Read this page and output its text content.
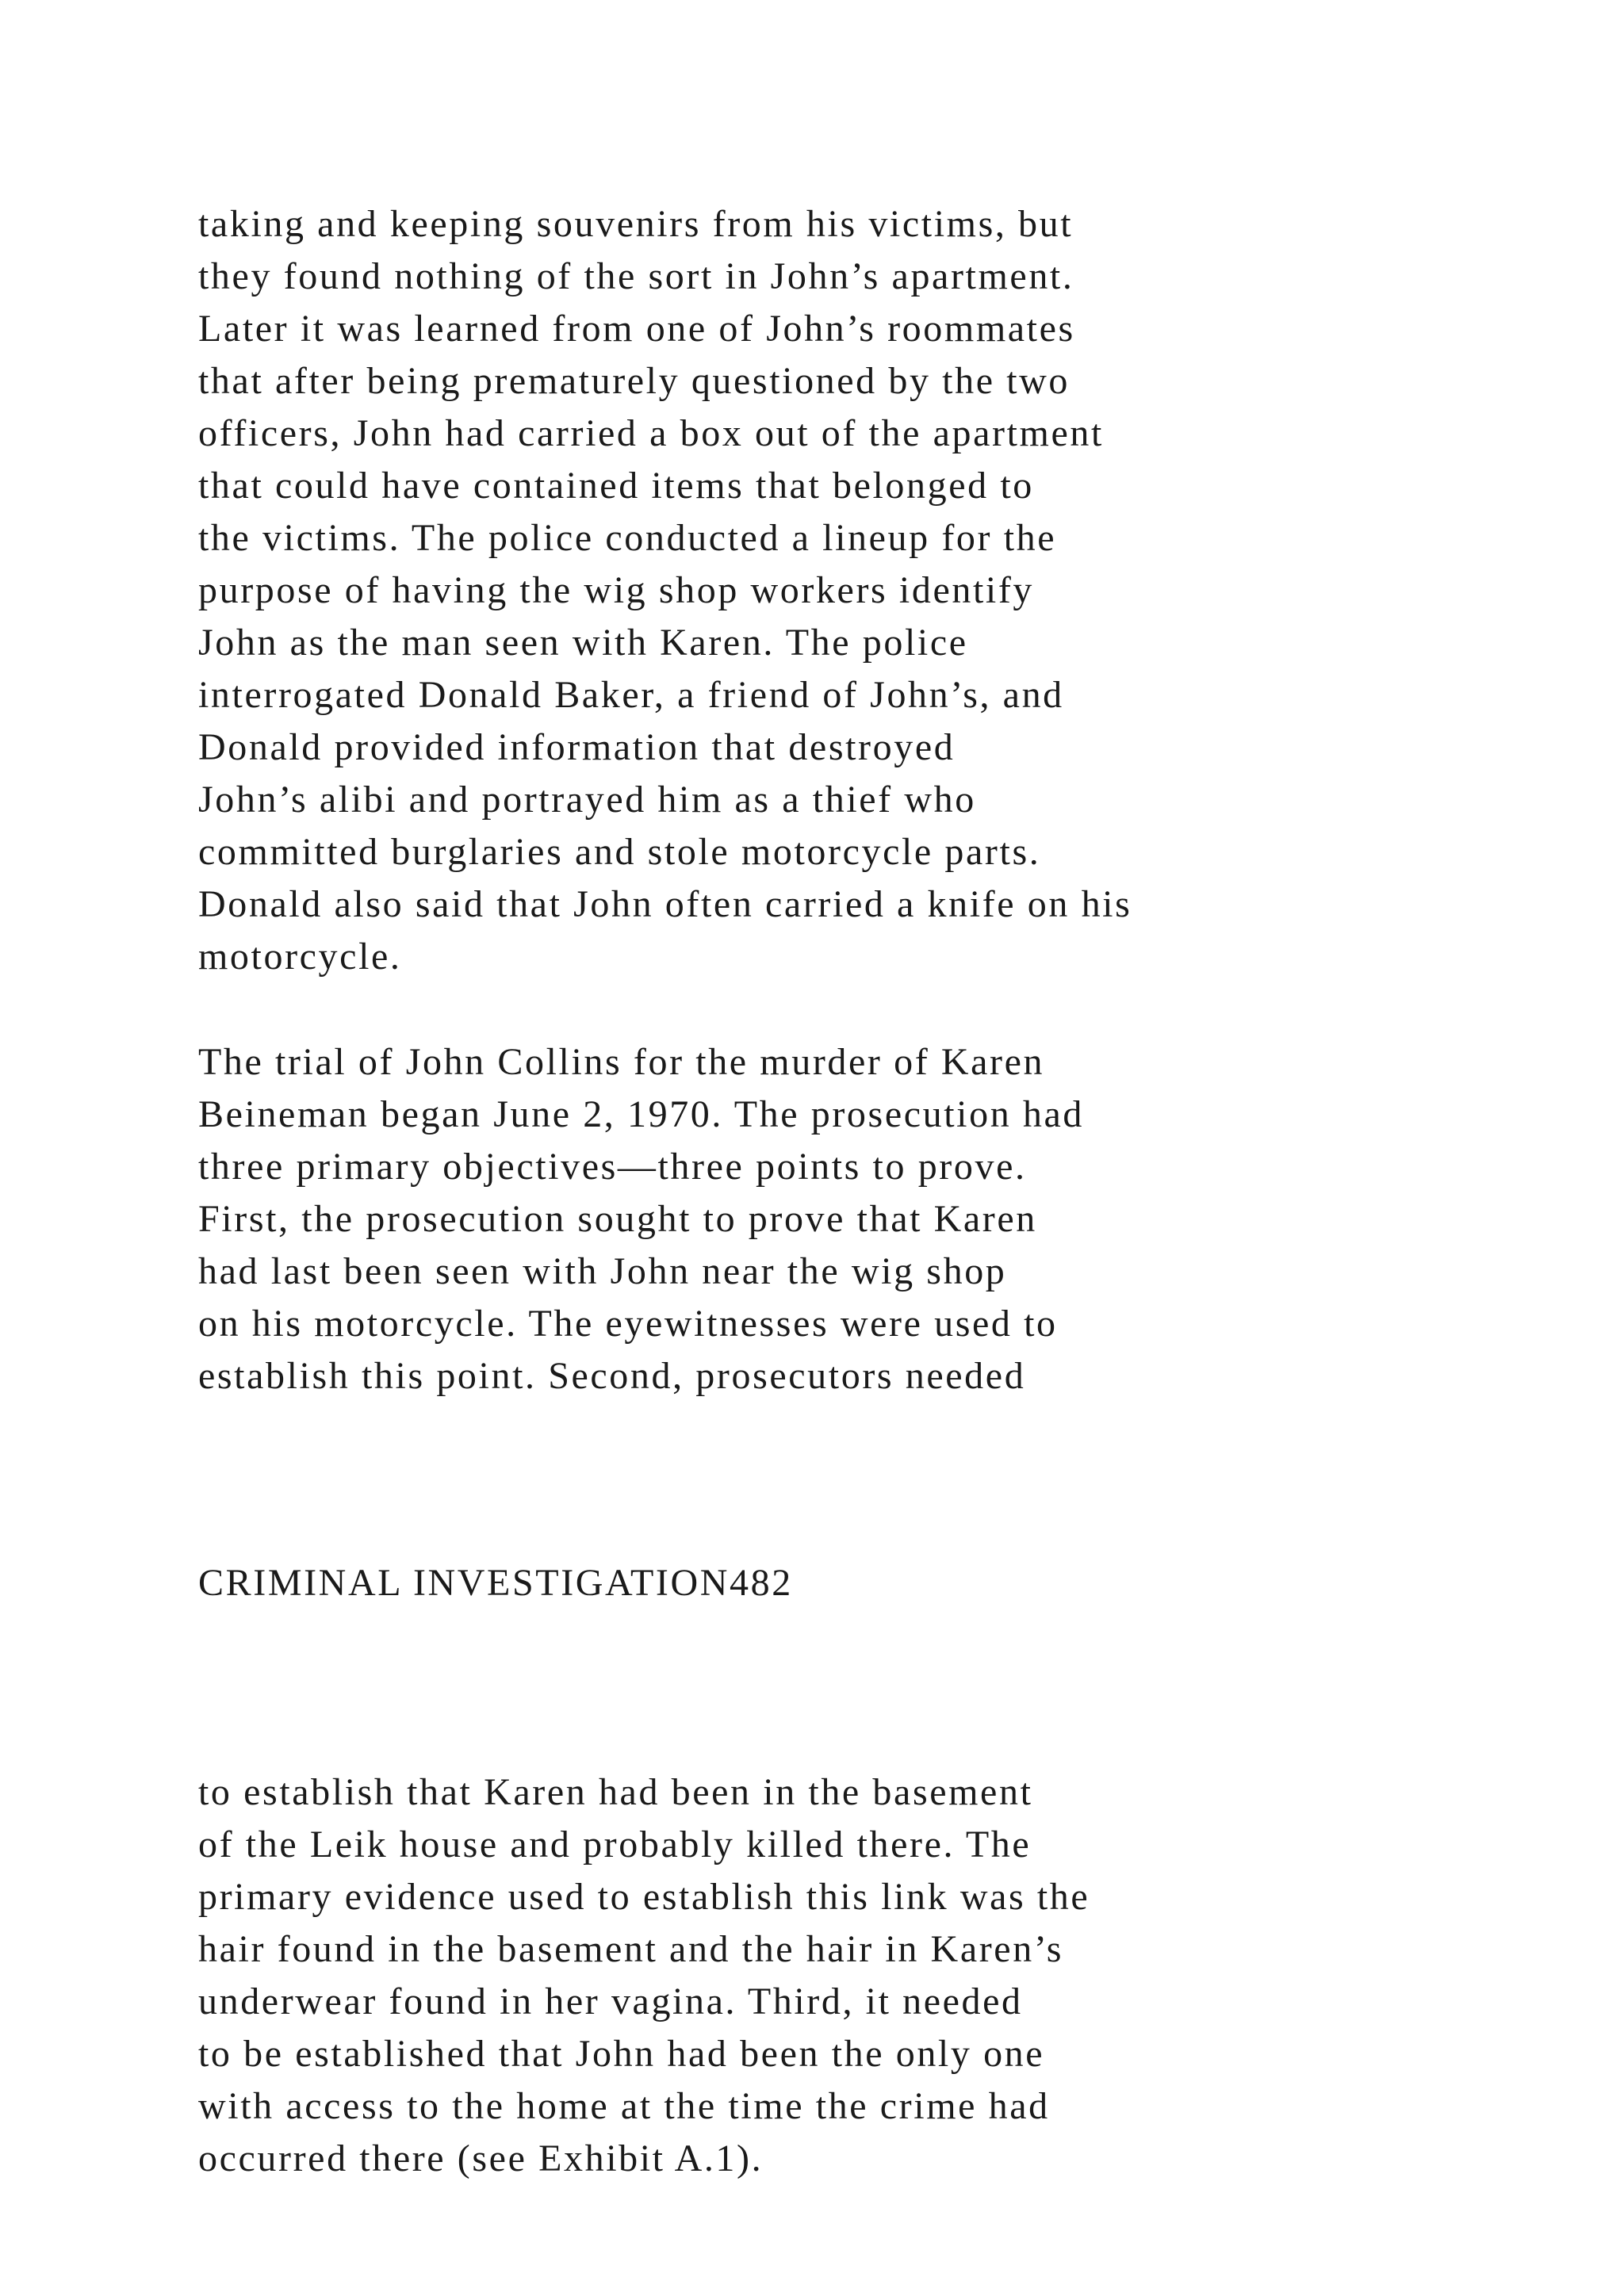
taking and keeping souvenirs from his victims, but
they found nothing of the sort in John’s apartment.
Later it was learned from one of John’s roommates
that after being prematurely questioned by the two
officers, John had carried a box out of the apartment
that could have contained items that belonged to
the victims. The police conducted a lineup for the
purpose of having the wig shop workers identify
John as the man seen with Karen. The police
interrogated Donald Baker, a friend of John’s, and
Donald provided information that destroyed
John’s alibi and portrayed him as a thief who
committed burglaries and stole motorcycle parts.
Donald also said that John often carried a knife on his
motorcycle.
The trial of John Collins for the murder of Karen
Beineman began June 2, 1970. The prosecution had
three primary objectives—three points to prove.
First, the prosecution sought to prove that Karen
had last been seen with John near the wig shop
on his motorcycle. The eyewitnesses were used to
establish this point. Second, prosecutors needed
CRIMINAL INVESTIGATION482
to establish that Karen had been in the basement
of the Leik house and probably killed there. The
primary evidence used to establish this link was the
hair found in the basement and the hair in Karen’s
underwear found in her vagina. Third, it needed
to be established that John had been the only one
with access to the home at the time the crime had
occurred there (see Exhibit A.1).
